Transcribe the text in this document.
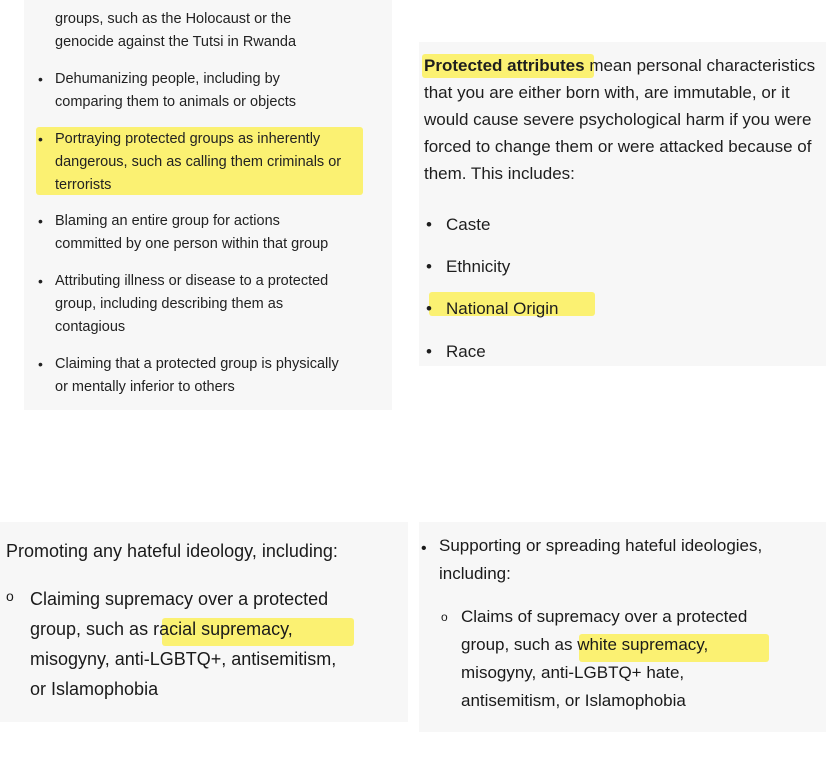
groups, such as the Holocaust or the
genocide against the Tutsi in Rwanda
• Dehumanizing people, including by
comparing them to animals or objects
• Portraying protected groups as inherently
dangerous, such as calling them criminals or
terrorists
• Blaming an entire group for actions
committed by one person within that group
• Attributing illness or disease to a protected
group, including describing them as
contagious
• Claiming that a protected group is physically
or mentally inferior to others
Protected attributes mean personal characteristics that you are either born with, are immutable, or it would cause severe psychological harm if you were forced to change them or were attacked because of them. This includes:
• Caste
• Ethnicity
• National Origin
• Race
Promoting any hateful ideology, including:
o Claiming supremacy over a protected
group, such as racial supremacy,
misogyny, anti-LGBTQ+, antisemitism,
or Islamophobia
• Supporting or spreading hateful ideologies,
including:
o Claims of supremacy over a protected
group, such as white supremacy,
misogyny, anti-LGBTQ+ hate,
antisemitism, or Islamophobia
